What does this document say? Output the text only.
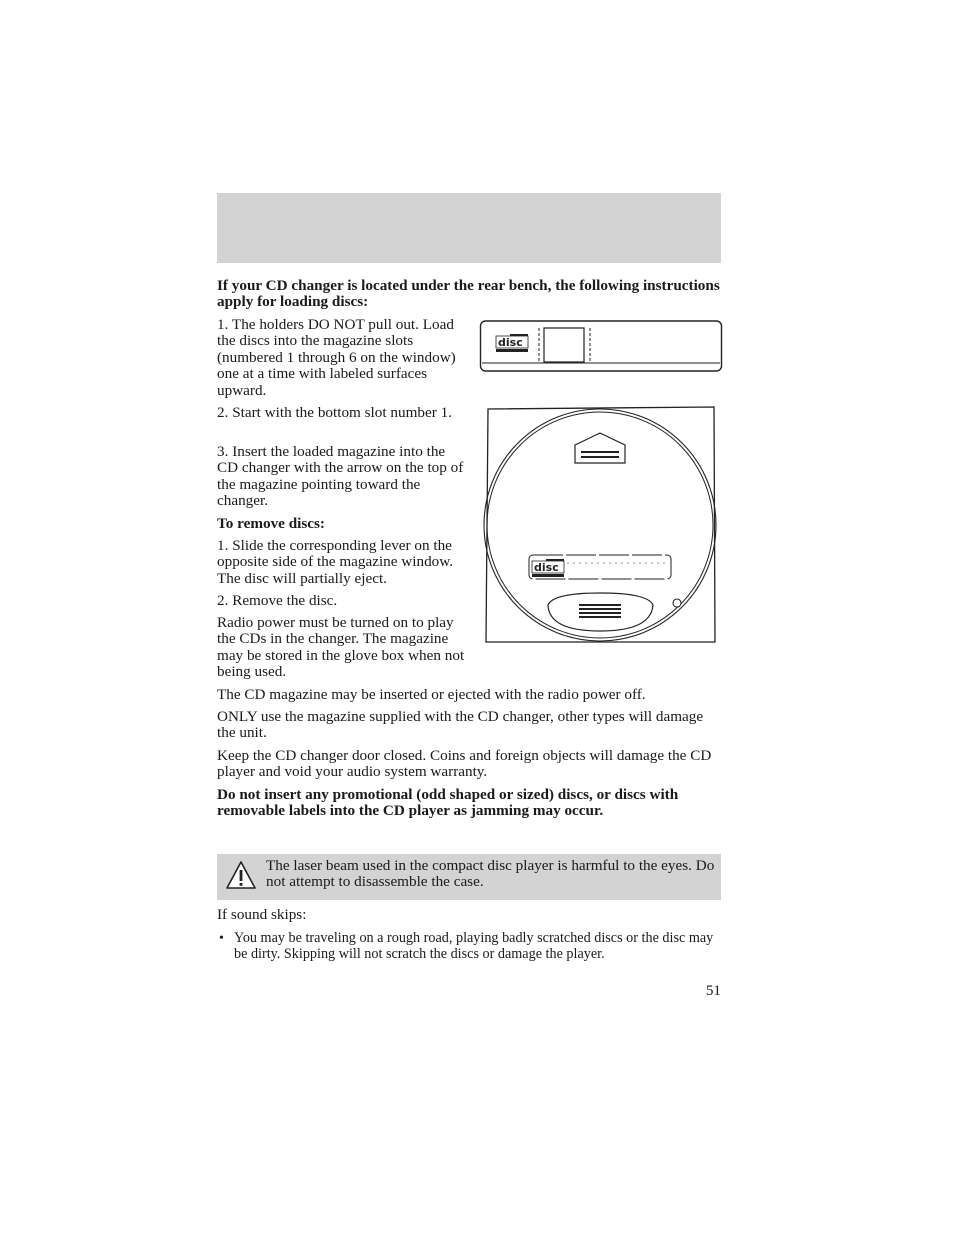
If your CD changer is located under the rear bench, the following instructions apply for loading discs:

1. The holders DO NOT pull out. Load the discs into the magazine slots (numbered 1 through 6 on the window) one at a time with labeled surfaces upward.

2. Start with the bottom slot number 1.

3. Insert the loaded magazine into the CD changer with the arrow on the top of the magazine pointing toward the changer.

To remove discs:

1. Slide the corresponding lever on the opposite side of the magazine window. The disc will partially eject.

2. Remove the disc.

Radio power must be turned on to play the CDs in the changer. The magazine may be stored in the glove box when not being used.

disc
disc

The CD magazine may be inserted or ejected with the radio power off.

ONLY use the magazine supplied with the CD changer, other types will damage the unit.

Keep the CD changer door closed. Coins and foreign objects will damage the CD player and void your audio system warranty.

Do not insert any promotional (odd shaped or sized) discs, or discs with removable labels into the CD player as jamming may occur.

The laser beam used in the compact disc player is harmful to the eyes. Do not attempt to disassemble the case.

If sound skips:

• You may be traveling on a rough road, playing badly scratched discs or the disc may be dirty. Skipping will not scratch the discs or damage the player.

51
